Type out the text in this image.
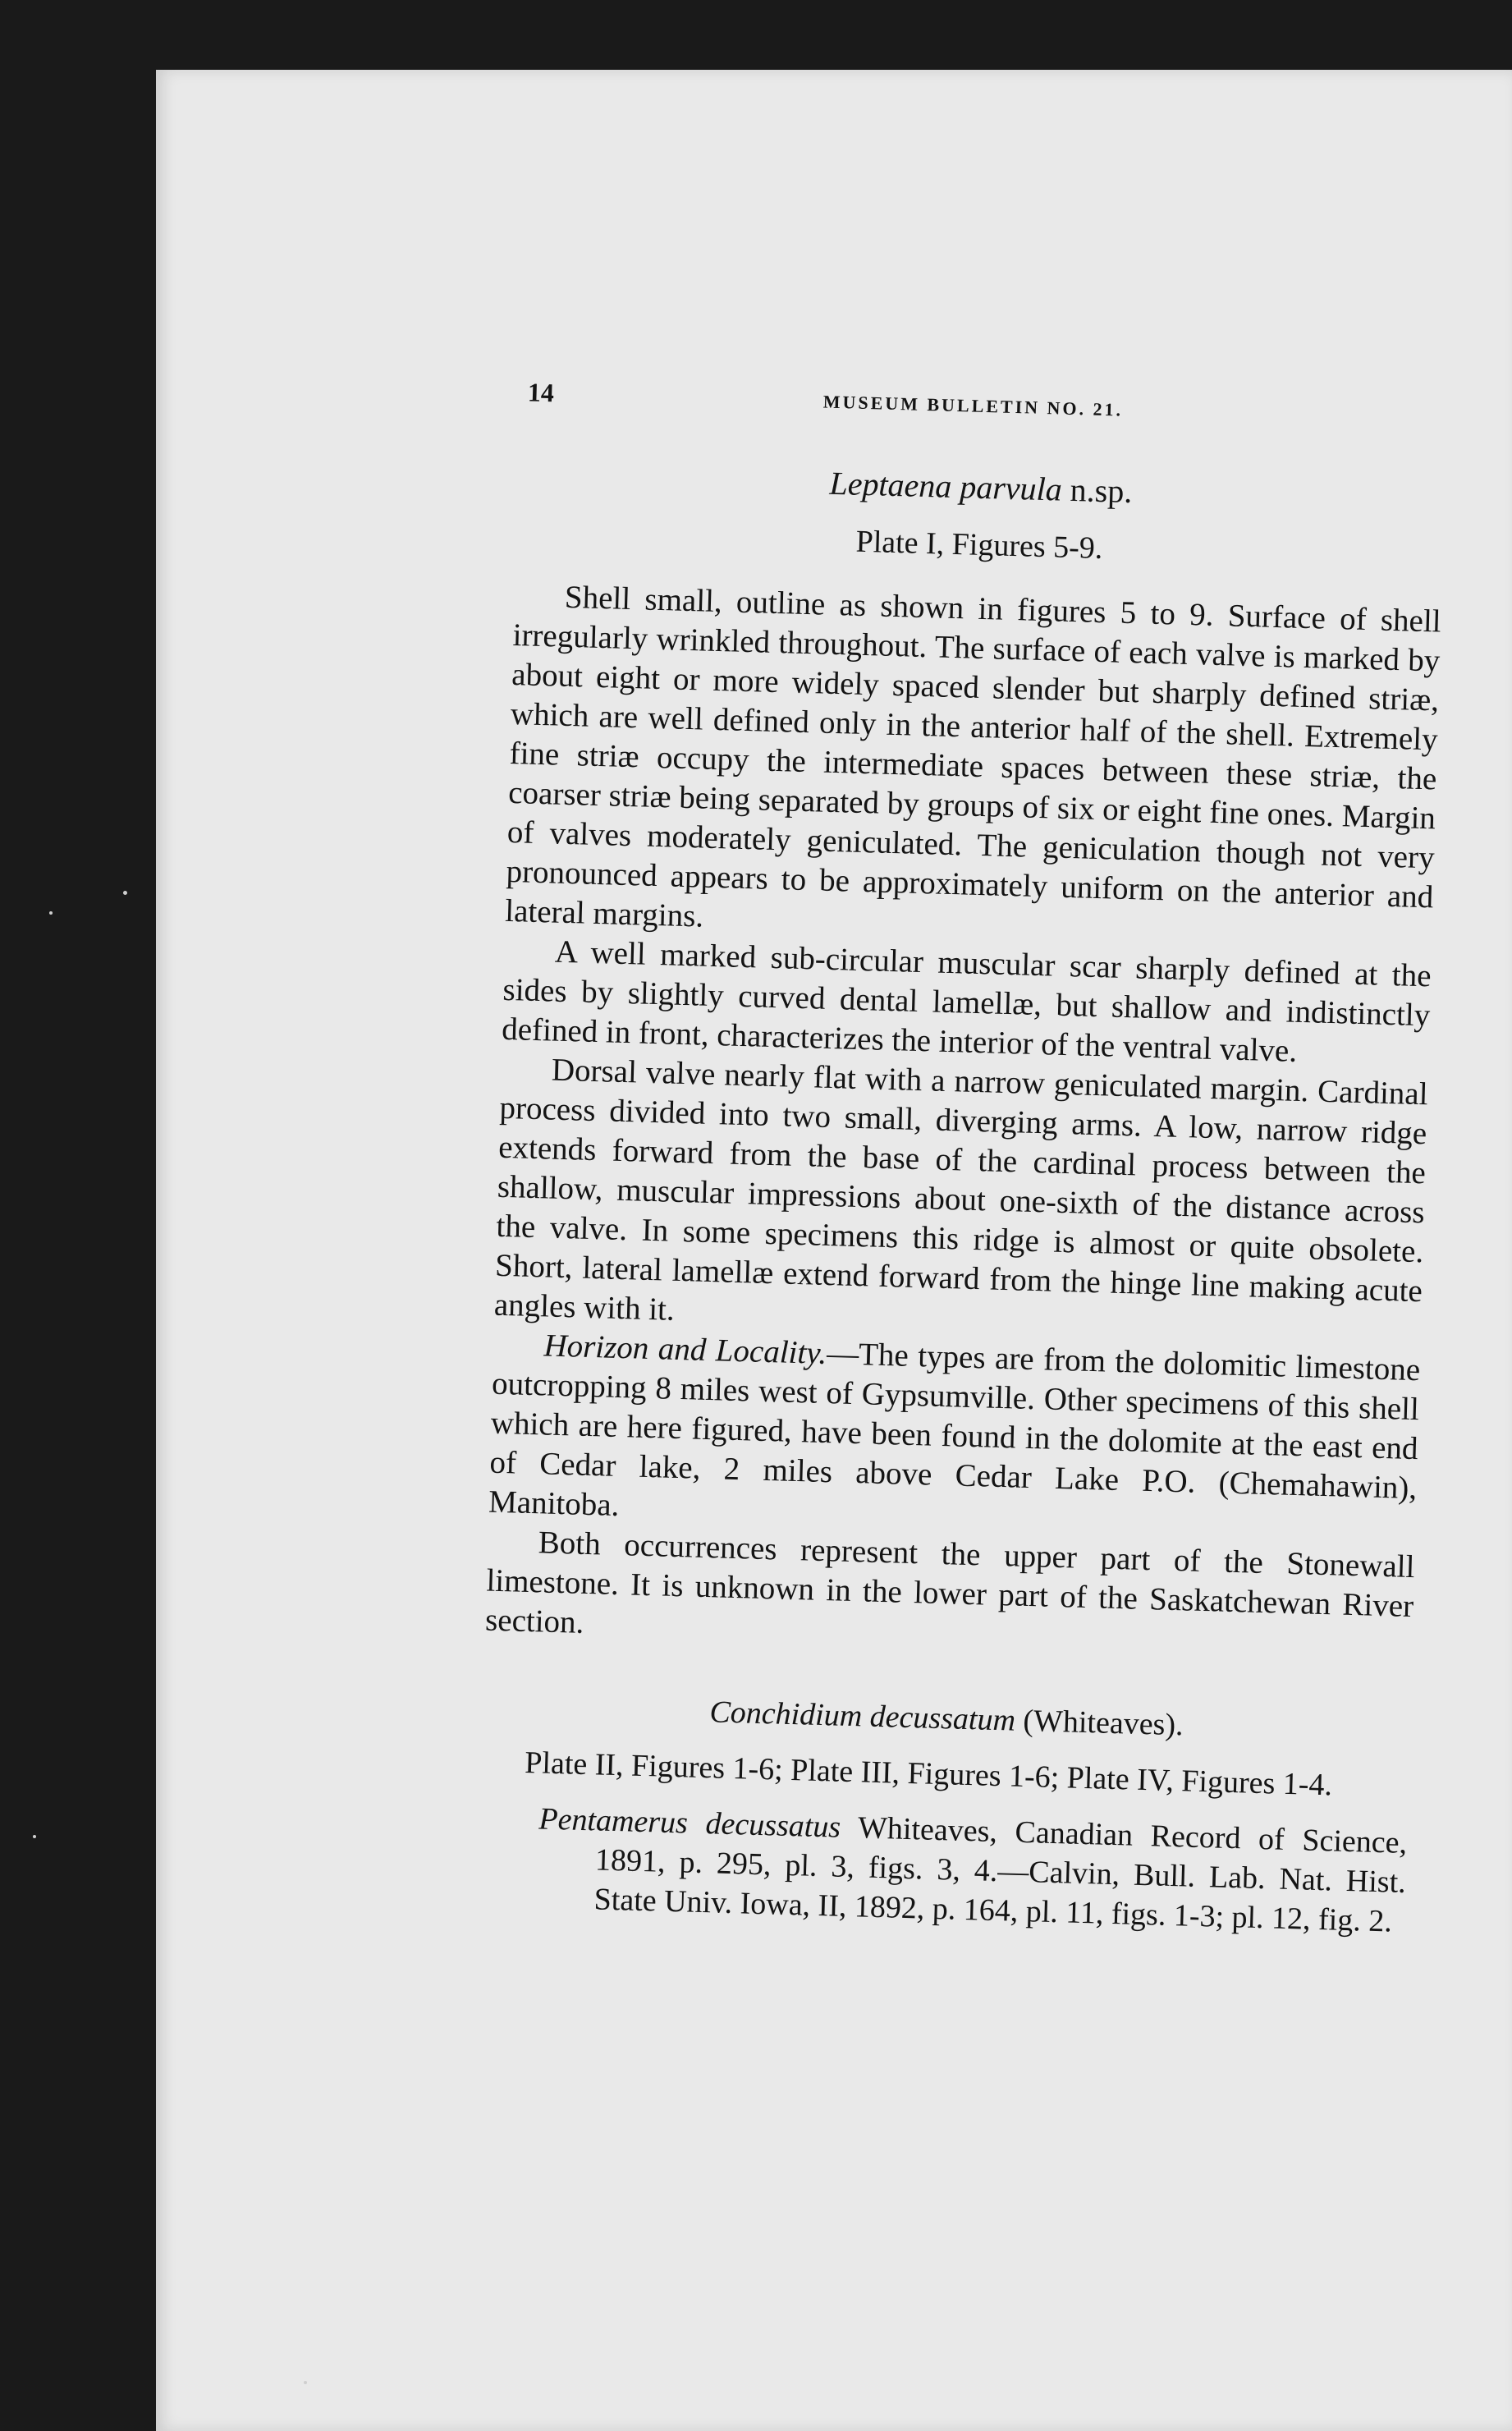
14	MUSEUM BULLETIN NO. 21.
Leptaena parvula n.sp.
Plate I, Figures 5-9.

Shell small, outline as shown in figures 5 to 9. Surface of shell irregularly wrinkled throughout. The surface of each valve is marked by about eight or more widely spaced slender but sharply defined striæ, which are well defined only in the anterior half of the shell. Extremely fine striæ occupy the intermediate spaces between these striæ, the coarser striæ being separated by groups of six or eight fine ones. Margin of valves moderately geniculated. The geniculation though not very pronounced appears to be approximately uniform on the anterior and lateral margins.

A well marked sub-circular muscular scar sharply defined at the sides by slightly curved dental lamellæ, but shallow and indistinctly defined in front, characterizes the interior of the ventral valve.

Dorsal valve nearly flat with a narrow geniculated margin. Cardinal process divided into two small, diverging arms. A low, narrow ridge extends forward from the base of the cardinal process between the shallow, muscular impressions about one-sixth of the distance across the valve. In some specimens this ridge is almost or quite obsolete. Short, lateral lamellæ extend forward from the hinge line making acute angles with it.

Horizon and Locality.—The types are from the dolomitic limestone outcropping 8 miles west of Gypsumville. Other specimens of this shell which are here figured, have been found in the dolomite at the east end of Cedar lake, 2 miles above Cedar Lake P.O. (Chemahawin), Manitoba.

Both occurrences represent the upper part of the Stonewall limestone. It is unknown in the lower part of the Saskatchewan River section.

Conchidium decussatum (Whiteaves).
Plate II, Figures 1-6; Plate III, Figures 1-6; Plate IV, Figures 1-4.

Pentamerus decussatus Whiteaves, Canadian Record of Science, 1891, p. 295, pl. 3, figs. 3, 4.—Calvin, Bull. Lab. Nat. Hist. State Univ. Iowa, II, 1892, p. 164, pl. 11, figs. 1-3; pl. 12, fig. 2.
